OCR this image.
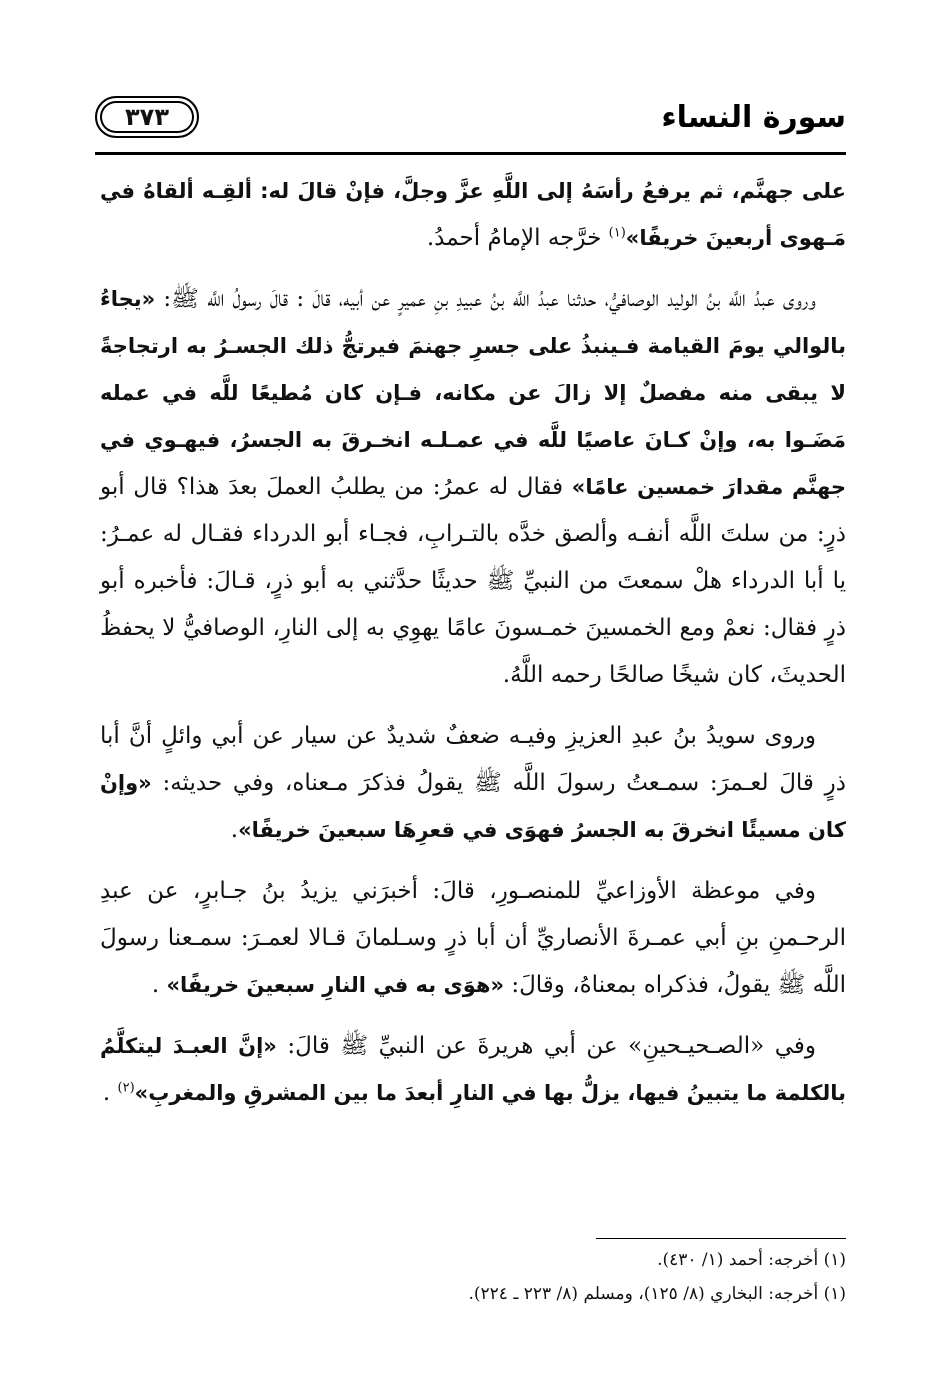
سورة النساء
٣٧٣

على جهنَّم، ثم يرفعُ رأسَهُ إلى اللَّهِ عزَّ وجلَّ، فإنْ قالَ له: ألقِـه ألقاهُ في مَـهوى أربعينَ خريفًا»$^{(١)}$ خرَّجه الإمامُ أحمدُ.

وروى عبدُ اللَّه بنُ الوليد الوصافيُّ، حدثنا عبدُ اللَّه بنُ عبيدِ بنِ عميرٍ عن أبيه، قالَ : قالَ رسولُ اللَّه ﷺ: «يجاءُ بالوالي يومَ القيامة فـينبذُ على جسرِ جهنمَ فيرتجُّ ذلك الجسـرُ به ارتجاجةً لا يبقى منه مفصلٌ إلا زالَ عن مكانه، فـإن كان مُطيعًا للَّه في عمله مَضَـوا به، وإنْ كـانَ عاصيًا للَّه في عمـلـه انخـرقَ به الجسرُ، فيهـوي في جهنَّم مقدارَ خمسين عامًا» فقال له عمرُ: من يطلبُ العملَ بعدَ هذا؟ قال أبو ذرٍ: من سلتَ اللَّه أنفـه وألصق خدَّه بالتـرابِ، فجـاء أبو الدرداء فقـال له عمـرُ: يا أبا الدرداء هلْ سمعتَ من النبيِّ ﷺ حديثًا حدَّثني به أبو ذرٍ، قـالَ: فأخبره أبو ذرٍ فقال: نعمْ ومع الخمسينَ خمـسونَ عامًا يهوِي به إلى النارِ، الوصافيُّ لا يحفظُ الحديثَ، كان شيخًا صالحًا رحمه اللَّهُ.

وروى سويدُ بنُ عبدِ العزيزِ وفيـه ضعفٌ شديدٌ عن سيار عن أبي وائلٍ أنَّ أبا ذرٍ قالَ لعـمرَ: سمـعتُ رسولَ اللَّه ﷺ يقولُ فذكرَ مـعناه، وفي حديثه: «وإنْ كان مسيئًا انخرقَ به الجسرُ فهوَى في قعرِهَا سبعينَ خريفًا».

وفي موعظة الأوزاعيِّ للمنصـورِ، قالَ: أخبرَني يزيدُ بنُ جـابرٍ، عن عبدِ الرحـمنِ بنِ أبي عمـرةَ الأنصاريِّ أن أبا ذرٍ وسـلمانَ قـالا لعمـرَ: سمـعنا رسولَ اللَّه ﷺ يقولُ، فذكراه بمعناهُ، وقالَ: «هوَى به في النارِ سبعينَ خريفًا» .

وفي «الصـحيـحينِ» عن أبي هريرةَ عن النبيِّ ﷺ قالَ: «إنَّ العبـدَ ليتكلَّمُ بالكلمة ما يتبينُ فيها، يزلُّ بها في النارِ أبعدَ ما بين المشرقِ والمغربِ»$^{(٢)}$ .

(١) أخرجه: أحمد (١/ ٤٣٠).
(١) أخرجه: البخاري (٨/ ١٢٥)، ومسلم (٨/ ٢٢٣ ـ ٢٢٤).
